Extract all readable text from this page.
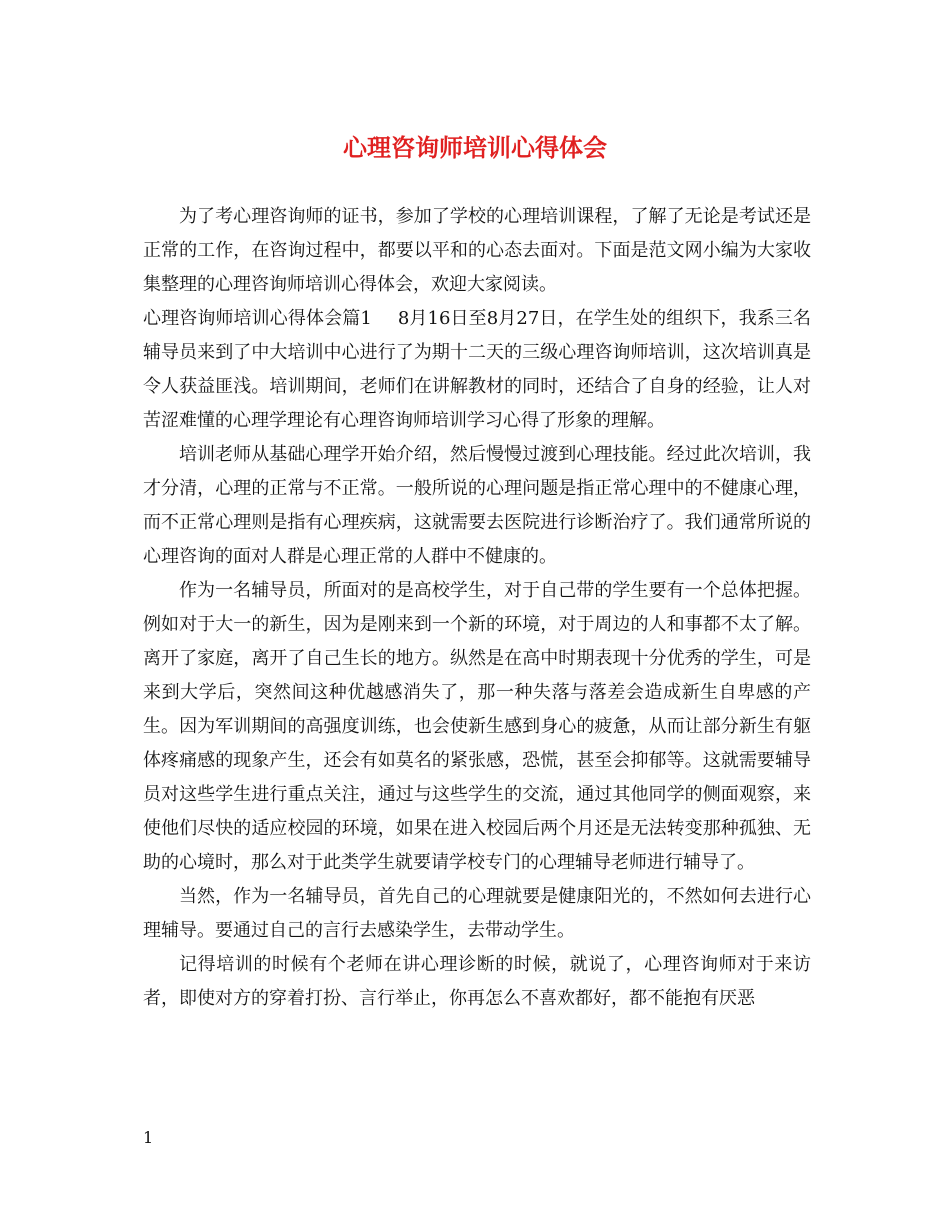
心理咨询师培训心得体会

为了考心理咨询师的证书，参加了学校的心理培训课程，了解了无论是考试还是正常的工作，在咨询过程中，都要以平和的心态去面对。下面是范文网小编为大家收集整理的心理咨询师培训心得体会，欢迎大家阅读。

心理咨询师培训心得体会篇1 8月16日至8月27日，在学生处的组织下，我系三名辅导员来到了中大培训中心进行了为期十二天的三级心理咨询师培训，这次培训真是令人获益匪浅。培训期间，老师们在讲解教材的同时，还结合了自身的经验，让人对苦涩难懂的心理学理论有心理咨询师培训学习心得了形象的理解。

培训老师从基础心理学开始介绍，然后慢慢过渡到心理技能。经过此次培训，我才分清，心理的正常与不正常。一般所说的心理问题是指正常心理中的不健康心理，而不正常心理则是指有心理疾病，这就需要去医院进行诊断治疗了。我们通常所说的心理咨询的面对人群是心理正常的人群中不健康的。

作为一名辅导员，所面对的是高校学生，对于自己带的学生要有一个总体把握。例如对于大一的新生，因为是刚来到一个新的环境，对于周边的人和事都不太了解。离开了家庭，离开了自己生长的地方。纵然是在高中时期表现十分优秀的学生，可是来到大学后，突然间这种优越感消失了，那一种失落与落差会造成新生自卑感的产生。因为军训期间的高强度训练，也会使新生感到身心的疲惫，从而让部分新生有躯体疼痛感的现象产生，还会有如莫名的紧张感，恐慌，甚至会抑郁等。这就需要辅导员对这些学生进行重点关注，通过与这些学生的交流，通过其他同学的侧面观察，来使他们尽快的适应校园的环境，如果在进入校园后两个月还是无法转变那种孤独、无助的心境时，那么对于此类学生就要请学校专门的心理辅导老师进行辅导了。

当然，作为一名辅导员，首先自己的心理就要是健康阳光的，不然如何去进行心理辅导。要通过自己的言行去感染学生，去带动学生。

记得培训的时候有个老师在讲心理诊断的时候，就说了，心理咨询师对于来访者，即使对方的穿着打扮、言行举止，你再怎么不喜欢都好，都不能抱有厌恶

1
